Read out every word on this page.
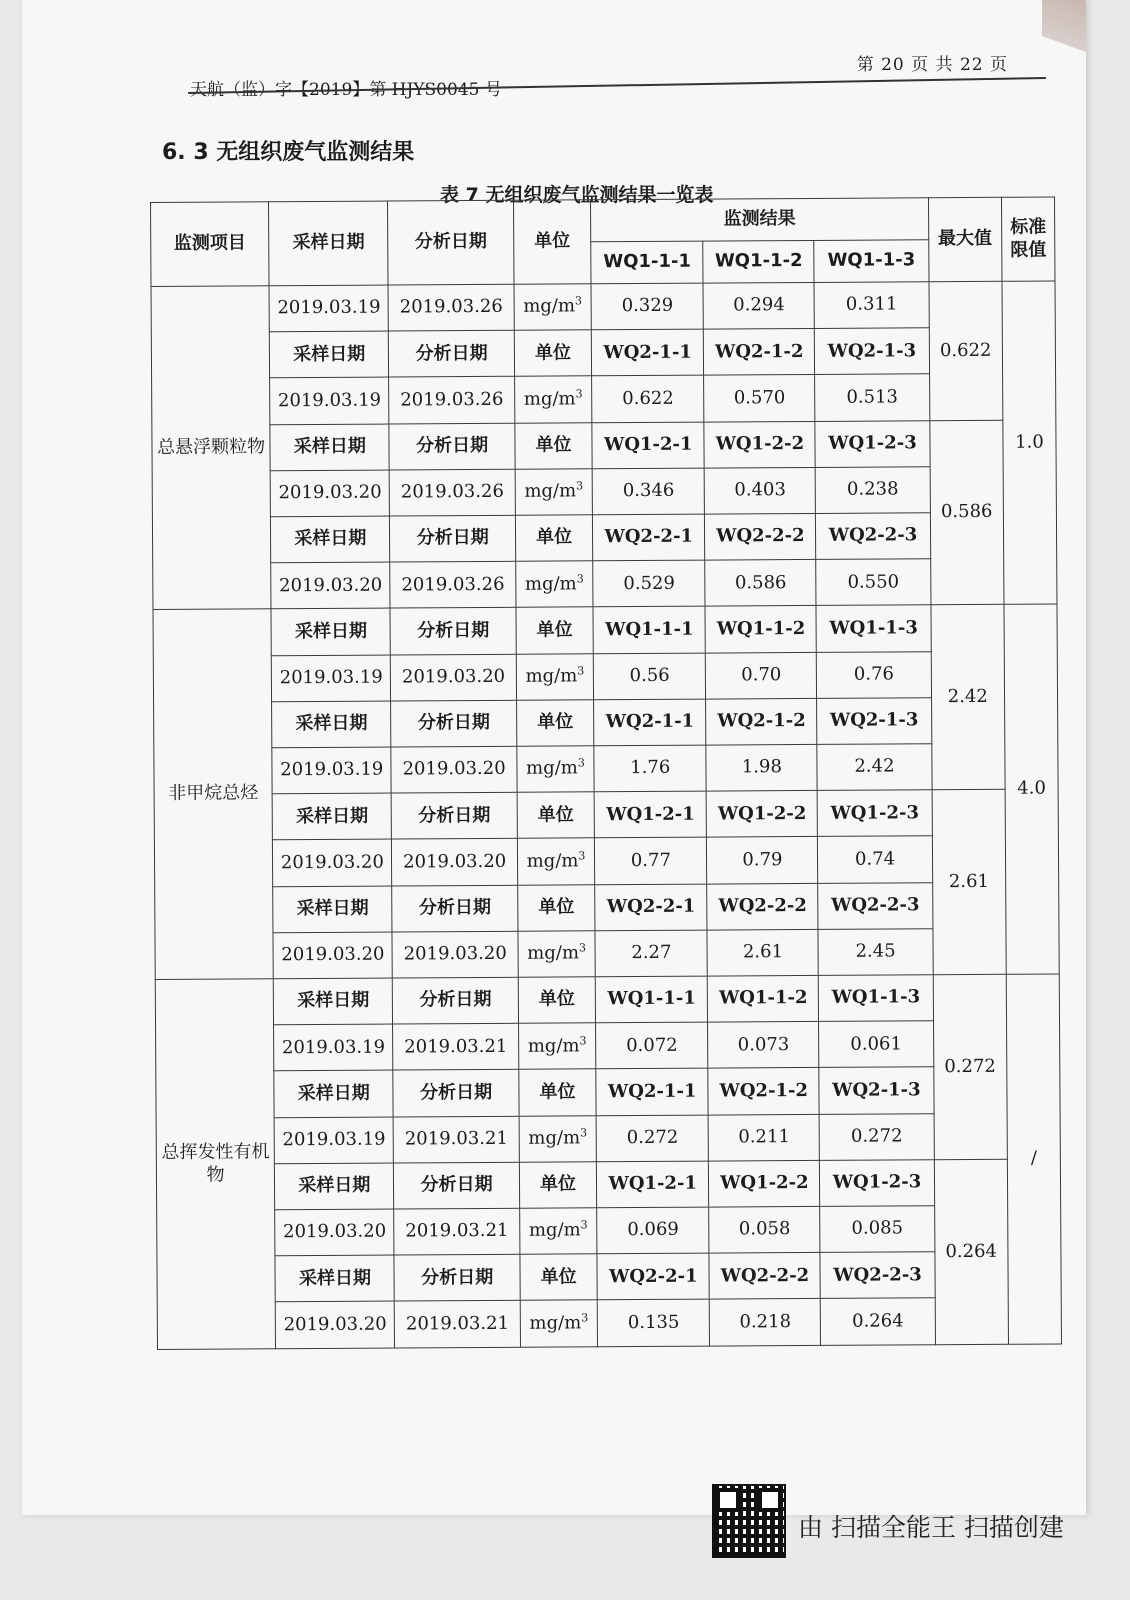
第 20 页 共 22 页
天航（监）字【2019】第 HJYS0045 号
6. 3 无组织废气监测结果
表 7 无组织废气监测结果一览表
监测项目	采样日期	分析日期	单位	监测结果			最大值	标准限值
				WQ1-1-1	WQ1-1-2	WQ1-1-3		
总悬浮颗粒物	2019.03.19	2019.03.26	$mg/m^3$	0.329	0.294	0.311	0.622	1.0
	采样日期	分析日期	单位	WQ2-1-1	WQ2-1-2	WQ2-1-3		
	2019.03.19	2019.03.26	$mg/m^3$	0.622	0.570	0.513		
	采样日期	分析日期	单位	WQ1-2-1	WQ1-2-2	WQ1-2-3	0.586	
	2019.03.20	2019.03.26	$mg/m^3$	0.346	0.403	0.238		
	采样日期	分析日期	单位	WQ2-2-1	WQ2-2-2	WQ2-2-3		
	2019.03.20	2019.03.26	$mg/m^3$	0.529	0.586	0.550		
非甲烷总烃	采样日期	分析日期	单位	WQ1-1-1	WQ1-1-2	WQ1-1-3	2.42	4.0
	2019.03.19	2019.03.20	$mg/m^3$	0.56	0.70	0.76		
	采样日期	分析日期	单位	WQ2-1-1	WQ2-1-2	WQ2-1-3		
	2019.03.19	2019.03.20	$mg/m^3$	1.76	1.98	2.42		
	采样日期	分析日期	单位	WQ1-2-1	WQ1-2-2	WQ1-2-3	2.61	
	2019.03.20	2019.03.20	$mg/m^3$	0.77	0.79	0.74		
	采样日期	分析日期	单位	WQ2-2-1	WQ2-2-2	WQ2-2-3		
	2019.03.20	2019.03.20	$mg/m^3$	2.27	2.61	2.45		
总挥发性有机物	采样日期	分析日期	单位	WQ1-1-1	WQ1-1-2	WQ1-1-3	0.272	/
	2019.03.19	2019.03.21	$mg/m^3$	0.072	0.073	0.061		
	采样日期	分析日期	单位	WQ2-1-1	WQ2-1-2	WQ2-1-3		
	2019.03.19	2019.03.21	$mg/m^3$	0.272	0.211	0.272		
	采样日期	分析日期	单位	WQ1-2-1	WQ1-2-2	WQ1-2-3	0.264	
	2019.03.20	2019.03.21	$mg/m^3$	0.069	0.058	0.085		
	采样日期	分析日期	单位	WQ2-2-1	WQ2-2-2	WQ2-2-3		
	2019.03.20	2019.03.21	$mg/m^3$	0.135	0.218	0.264		
由 扫描全能王 扫描创建
